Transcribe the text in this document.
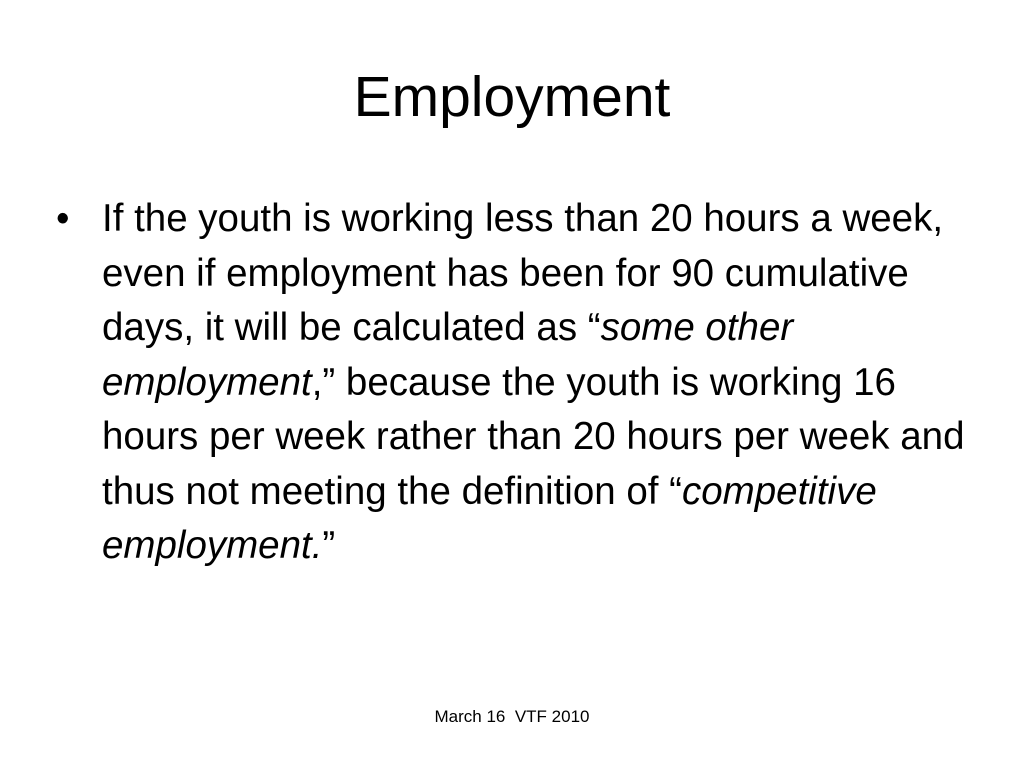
Employment
• If the youth is working less than 20 hours a week, even if employment has been for 90 cumulative days, it will be calculated as “some other employment,” because the youth is working 16 hours per week rather than 20 hours per week and thus not meeting the definition of “competitive employment.”
March 16  VTF 2010
